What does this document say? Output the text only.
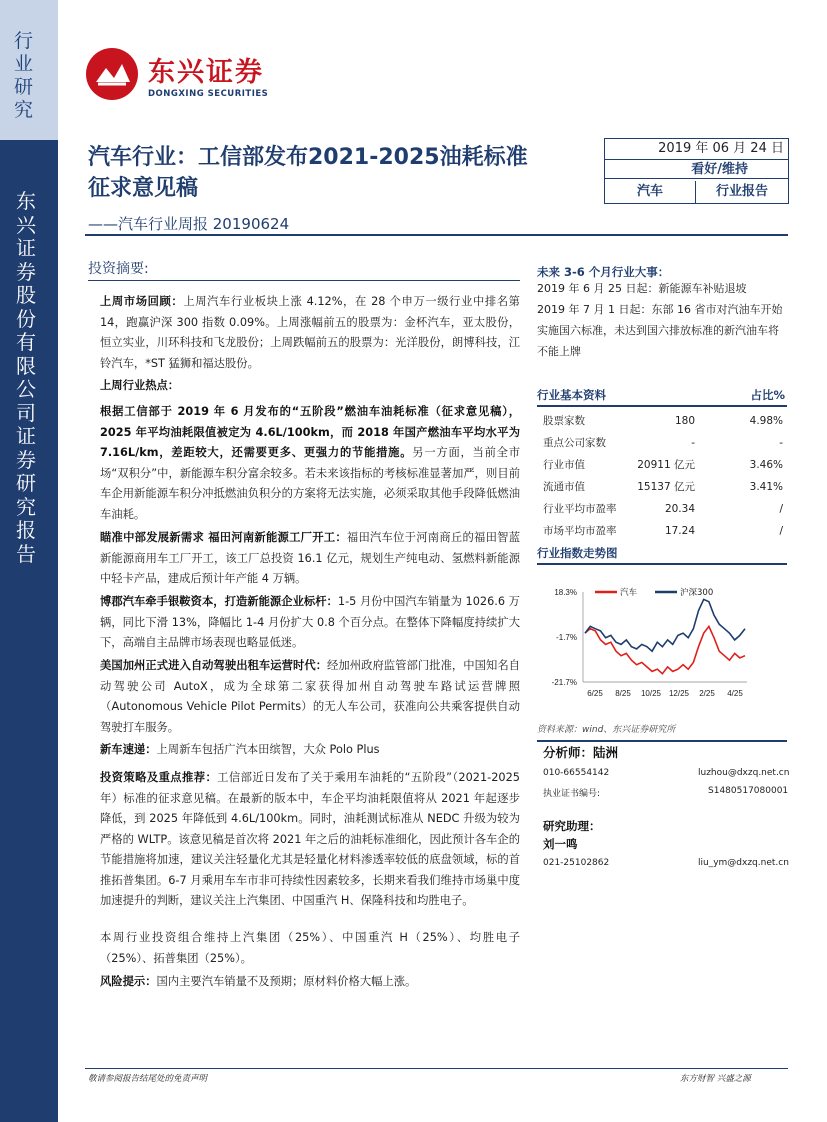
行业研究
东兴证券股份有限公司证券研究报告
东兴证券
DONGXING SECURITIES
汽车行业：工信部发布2021-2025油耗标准征求意见稿
——汽车行业周报 20190624
2019 年 06 月 24 日
看好/维持
汽车	行业报告
投资摘要:
上周市场回顾：上周汽车行业板块上涨 4.12%，在 28 个申万一级行业中排名第 14，跑赢沪深 300 指数 0.09%。上周涨幅前五的股票为：金杯汽车，亚太股份，恒立实业，川环科技和飞龙股份；上周跌幅前五的股票为：光洋股份，朗博科技，江铃汽车，*ST 猛狮和福达股份。
上周行业热点：
根据工信部于 2019 年 6 月发布的“五阶段”燃油车油耗标准（征求意见稿），2025 年平均油耗限值被定为 4.6L/100km，而 2018 年国产燃油车平均水平为 7.16L/km，差距较大，还需要更多、更强力的节能措施。另一方面，当前全市场“双积分”中，新能源车积分富余较多。若未来该指标的考核标准显著加严，则目前车企用新能源车积分冲抵燃油负积分的方案将无法实施，必须采取其他手段降低燃油车油耗。
瞄准中部发展新需求 福田河南新能源工厂开工：福田汽车位于河南商丘的福田智蓝新能源商用车工厂开工，该工厂总投资 16.1 亿元，规划生产纯电动、氢燃料新能源中轻卡产品，建成后预计年产能 4 万辆。
博郡汽车牵手银鞍资本，打造新能源企业标杆：1-5 月份中国汽车销量为 1026.6 万辆，同比下滑 13%，降幅比 1-4 月份扩大 0.8 个百分点。在整体下降幅度持续扩大下，高端自主品牌市场表现也略显低迷。
美国加州正式进入自动驾驶出租车运营时代：经加州政府监管部门批准，中国知名自动驾驶公司 AutoX，成为全球第二家获得加州自动驾驶车路试运营牌照（Autonomous Vehicle Pilot Permits）的无人车公司，获准向公共乘客提供自动驾驶打车服务。
新车速递：上周新车包括广汽本田缤智，大众 Polo Plus
投资策略及重点推荐：工信部近日发布了关于乘用车油耗的“五阶段”（2021-2025 年）标准的征求意见稿。在最新的版本中，车企平均油耗限值将从 2021 年起逐步降低，到 2025 年降低到 4.6L/100km。同时，油耗测试标准从 NEDC 升级为较为严格的 WLTP。该意见稿是首次将 2021 年之后的油耗标准细化，因此预计各车企的节能措施将加速，建议关注轻量化尤其是轻量化材料渗透率较低的底盘领域，标的首推拓普集团。6-7 月乘用车车市非可持续性因素较多，长期来看我们维持市场巢中度加速提升的判断，建议关注上汽集团、中国重汽 H、保隆科技和均胜电子。
本周行业投资组合维持上汽集团（25%）、中国重汽 H（25%）、均胜电子（25%）、拓普集团（25%）。
风险提示：国内主要汽车销量不及预期；原材料价格大幅上涨。
未来 3-6 个月行业大事：
2019 年 6 月 25 日起：新能源车补贴退坡
2019 年 7 月 1 日起：东部 16 省市对汽油车开始实施国六标准，未达到国六排放标准的新汽油车将不能上牌
行业基本资料	占比%
股票家数	180	4.98%
重点公司家数	-	-
行业市值	20911 亿元	3.46%
流通市值	15137 亿元	3.41%
行业平均市盈率	20.34	/
市场平均市盈率	17.24	/
行业指数走势图
18.3%
-1.7%
-21.7%
6/25 8/25 10/25 12/25 2/25 4/25
汽车	沪深300
资料来源：wind、东兴证券研究所
分析师：陆洲
010-66554142	luzhou@dxzq.net.cn
执业证书编号:	S1480517080001
研究助理：
刘一鸣
021-25102862	liu_ym@dxzq.net.cn
敬请参阅报告结尾处的免责声明	东方财智 兴盛之源
